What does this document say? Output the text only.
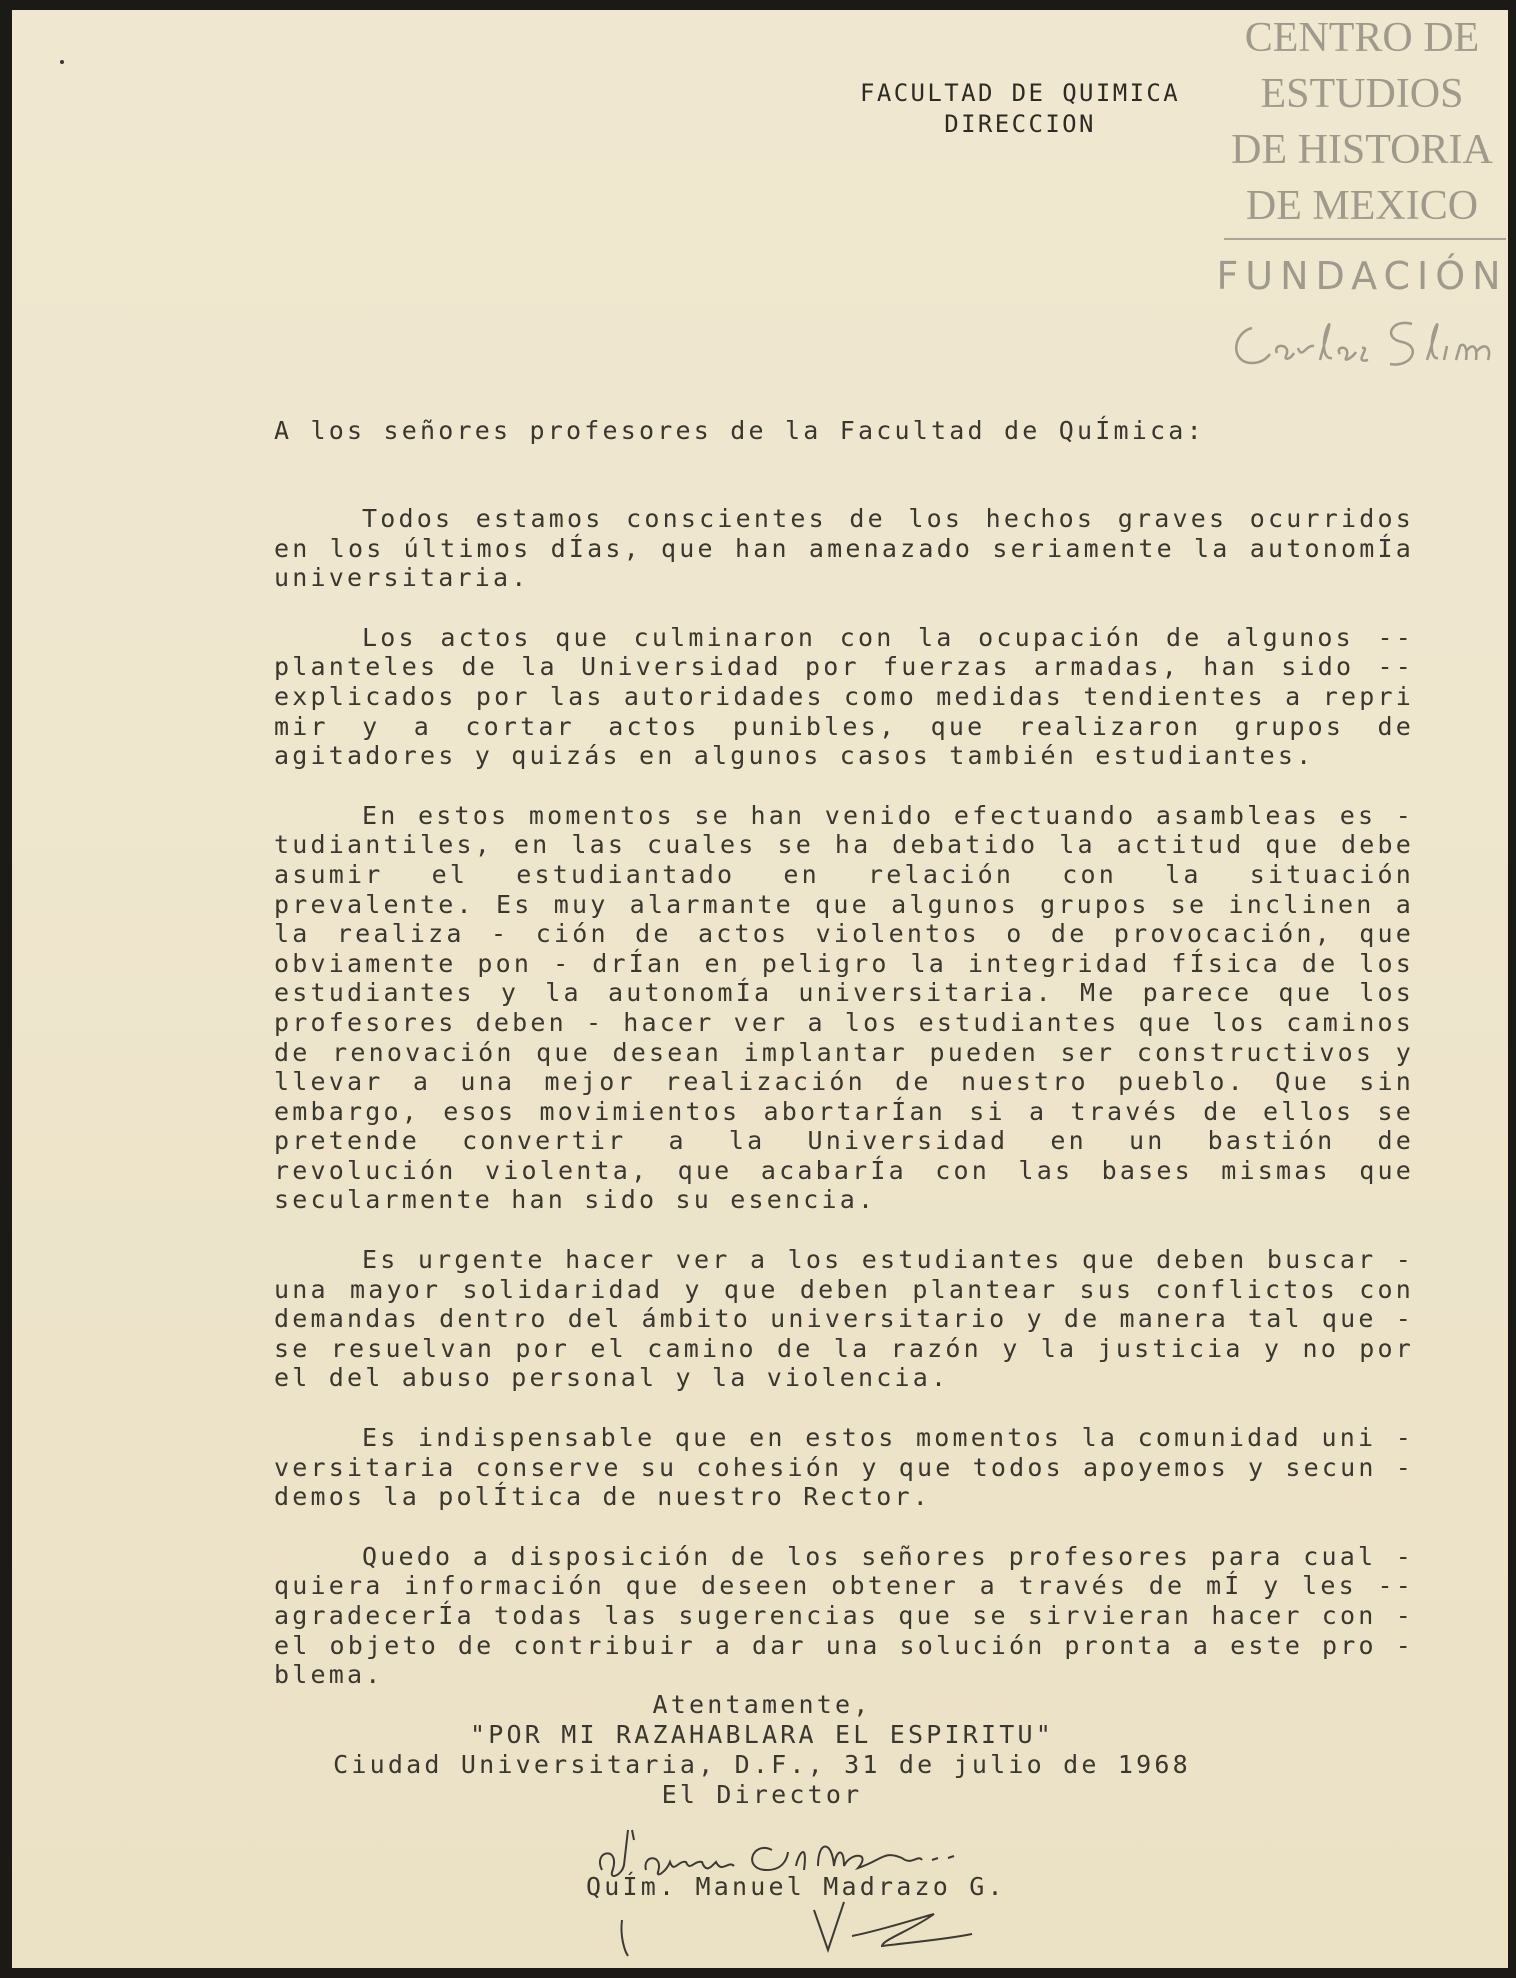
FACULTAD DE QUIMICA
DIRECCION
CENTRO DE
ESTUDIOS
DE HISTORIA
DE MEXICO
FUNDACIÓN
A los señores profesores de la Facultad de QuÍmica:

Todos estamos conscientes de los hechos graves ocurridos en los últimos dÍas, que han amenazado seriamente la autonomÍa universitaria.

Los actos que culminaron con la ocupación de algunos -- planteles de la Universidad por fuerzas armadas, han sido -- explicados por las autoridades como medidas tendientes a repri mir y a cortar actos punibles, que realizaron grupos de agitadores y quizás en algunos casos también estudiantes.

En estos momentos se han venido efectuando asambleas es - tudiantiles, en las cuales se ha debatido la actitud que debe asumir el estudiantado en relación con la situación prevalente. Es muy alarmante que algunos grupos se inclinen a la realiza - ción de actos violentos o de provocación, que obviamente pon - drÍan en peligro la integridad fÍsica de los estudiantes y la autonomÍa universitaria. Me parece que los profesores deben - hacer ver a los estudiantes que los caminos de renovación que desean implantar pueden ser constructivos y llevar a una mejor realización de nuestro pueblo. Que sin embargo, esos movimientos abortarÍan si a través de ellos se pretende convertir a la Universidad en un bastión de revolución violenta, que acabarÍa con las bases mismas que secularmente han sido su esencia.

Es urgente hacer ver a los estudiantes que deben buscar - una mayor solidaridad y que deben plantear sus conflictos con demandas dentro del ámbito universitario y de manera tal que - se resuelvan por el camino de la razón y la justicia y no por el del abuso personal y la violencia.

Es indispensable que en estos momentos la comunidad uni - versitaria conserve su cohesión y que todos apoyemos y secun - demos la polÍtica de nuestro Rector.

Quedo a disposición de los señores profesores para cual - quiera información que deseen obtener a través de mÍ y les -- agradecerÍa todas las sugerencias que se sirvieran hacer con - el objeto de contribuir a dar una solución pronta a este pro - blema.

Atentamente,
"POR MI RAZAHABLARA EL ESPIRITU"
Ciudad Universitaria, D.F., 31 de julio de 1968
El Director
QuÍm. Manuel Madrazo G.
